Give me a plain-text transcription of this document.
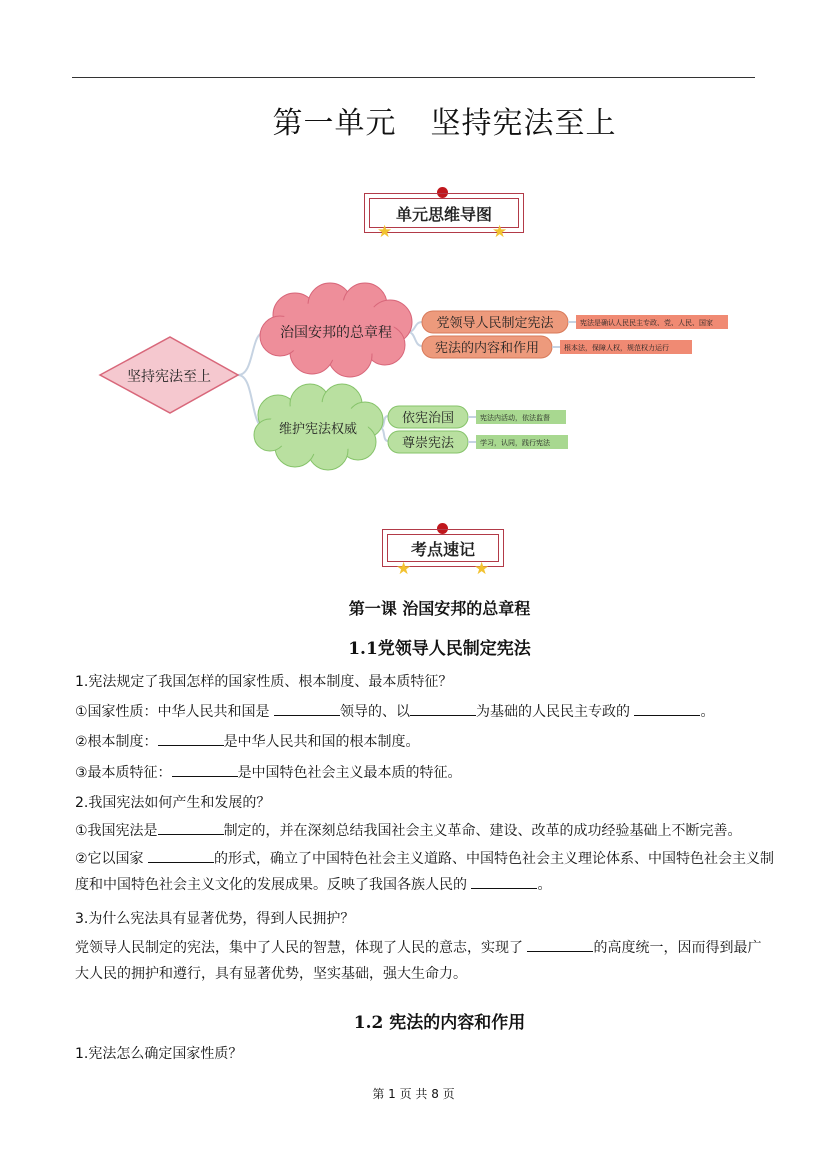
第一单元 坚持宪法至上
单元思维导图
★	★
坚持宪法至上
治国安邦的总章程
维护宪法权威
党领导人民制定宪法
宪法的内容和作用
依宪治国
尊崇宪法
宪法是确认人民民主专政、党、人民、国家
根本法，保障人权，规范权力运行
宪法内活动，依法监督
学习，认同，践行宪法
考点速记
★	★
第一课 治国安邦的总章程
1.1党领导人民制定宪法
1.宪法规定了我国怎样的国家性质、根本制度、最本质特征？
①国家性质：中华人民共和国是	领导的、以	为基础的人民民主专政的	。
②根本制度：	是中华人民共和国的根本制度。
③最本质特征：	是中国特色社会主义最本质的特征。
2.我国宪法如何产生和发展的？
①我国宪法是	制定的，并在深刻总结我国社会主义革命、建设、改革的成功经验基础上不断完善。
②它以国家	的形式，确立了中国特色社会主义道路、中国特色社会主义理论体系、中国特色社会主义制度和中国特色社会主义文化的发展成果。反映了我国各族人民的	。
3.为什么宪法具有显著优势，得到人民拥护？
党领导人民制定的宪法，集中了人民的智慧，体现了人民的意志，实现了	的高度统一，因而得到最广大人民的拥护和遵行，具有显著优势，坚实基础，强大生命力。
1.2 宪法的内容和作用
1.宪法怎么确定国家性质？
第 1 页 共 8 页
